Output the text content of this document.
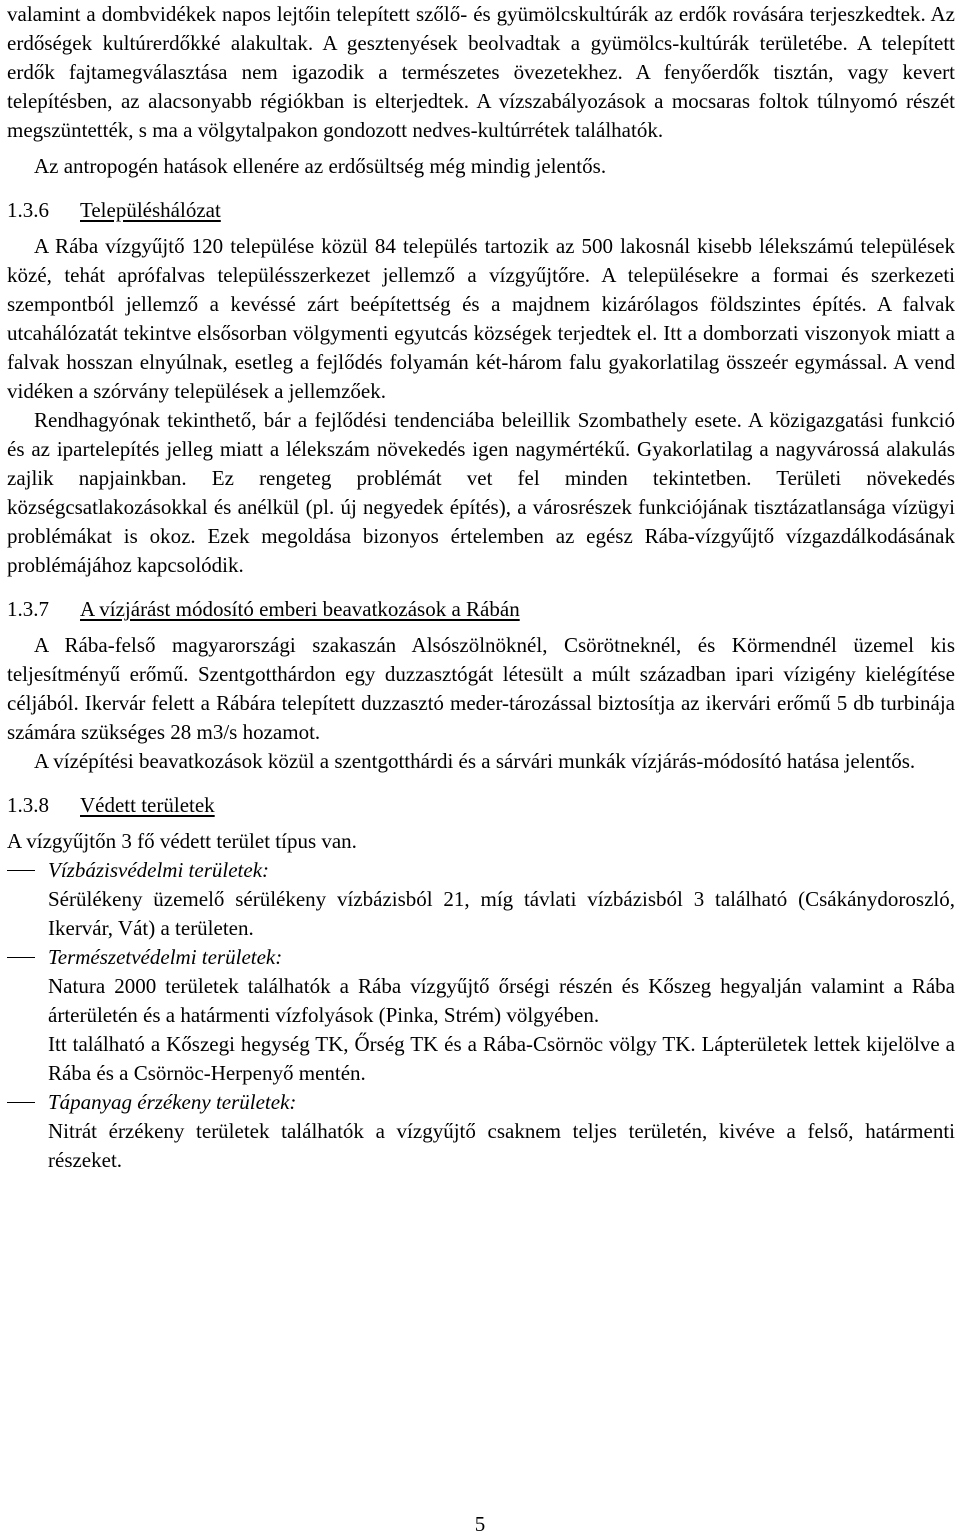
valamint a dombvidékek napos lejtőin telepített szőlő- és gyümölcskultúrák az erdők rovására terjeszkedtek. Az erdőségek kultúrerdőkké alakultak. A gesztenyések beolvadtak a gyümölcs-kultúrák területébe. A telepített erdők fajtamegválasztása nem igazodik a természetes övezetekhez. A fenyőerdők tisztán, vagy kevert telepítésben, az alacsonyabb régiókban is elterjedtek. A vízszabályozások a mocsaras foltok túlnyomó részét megszüntették, s ma a völgytalpakon gondozott nedves-kultúrrétek találhatók.

Az antropogén hatások ellenére az erdősültség még mindig jelentős.

1.3.6	Településhálózat

A Rába vízgyűjtő 120 települése közül 84 település tartozik az 500 lakosnál kisebb lélekszámú települések közé, tehát aprófalvas településszerkezet jellemző a vízgyűjtőre. A településekre a formai és szerkezeti szempontból jellemző a kevéssé zárt beépítettség és a majdnem kizárólagos földszintes építés. A falvak utcahálózatát tekintve elsősorban völgymenti egyutcás községek terjedtek el. Itt a domborzati viszonyok miatt a falvak hosszan elnyúlnak, esetleg a fejlődés folyamán két-három falu gyakorlatilag összeér egymással. A vend vidéken a szórvány települések a jellemzőek.

Rendhagyónak tekinthető, bár a fejlődési tendenciába beleillik Szombathely esete. A közigazgatási funkció és az ipartelepítés jelleg miatt a lélekszám növekedés igen nagymértékű. Gyakorlatilag a nagyvárossá alakulás zajlik napjainkban. Ez rengeteg problémát vet fel minden tekintetben. Területi növekedés községcsatlakozásokkal és anélkül (pl. új negyedek építés), a városrészek funkciójának tisztázatlansága vízügyi problémákat is okoz. Ezek megoldása bizonyos értelemben az egész Rába-vízgyűjtő vízgazdálkodásának problémájához kapcsolódik.

1.3.7	A vízjárást módosító emberi beavatkozások a Rábán

A Rába-felső magyarországi szakaszán Alsószölnöknél, Csörötneknél, és Körmendnél üzemel kis teljesítményű erőmű. Szentgotthárdon egy duzzasztógát létesült a múlt században ipari vízigény kielégítése céljából. Ikervár felett a Rábára telepített duzzasztó meder-tározással biztosítja az ikervári erőmű 5 db turbinája számára szükséges 28 m3/s hozamot.

A vízépítési beavatkozások közül a szentgotthárdi és a sárvári munkák vízjárás-módosító hatása jelentős.

1.3.8	Védett területek

A vízgyűjtőn 3 fő védett terület típus van.

Vízbázisvédelmi területek:

Sérülékeny üzemelő sérülékeny vízbázisból 21, míg távlati vízbázisból 3 található (Csákánydoroszló, Ikervár, Vát) a területen.

Természetvédelmi területek:

Natura 2000 területek találhatók a Rába vízgyűjtő őrségi részén és Kőszeg hegyalján valamint a Rába árterületén és a határmenti vízfolyások (Pinka, Strém) völgyében.

Itt található a Kőszegi hegység TK, Őrség TK és a Rába-Csörnöc völgy TK. Lápterületek lettek kijelölve a Rába és a Csörnöc-Herpenyő mentén.

Tápanyag érzékeny területek:

Nitrát érzékeny területek találhatók a vízgyűjtő csaknem teljes területén, kivéve a felső, határmenti részeket.

5
